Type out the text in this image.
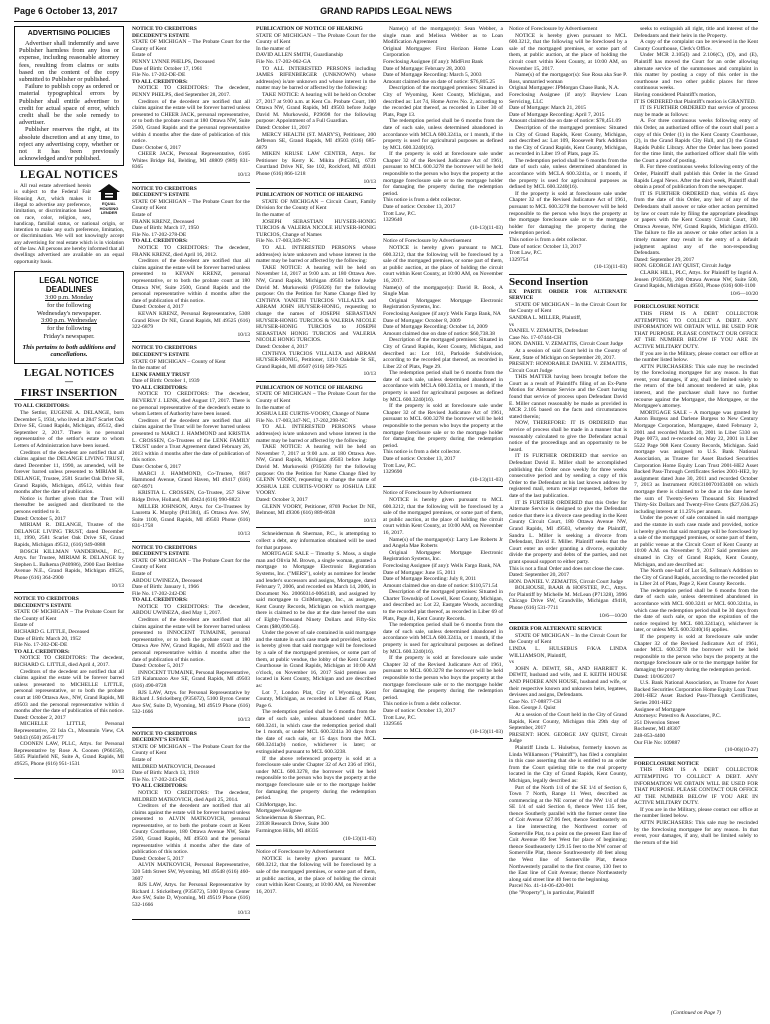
Page 6 October 13, 2017	GRAND RAPIDS LEGAL NEWS
ADVERTISING POLICIES

Advertiser shall indemnify and save Publisher harmless from any loss or expense, including reasonable attorney fees, resulting from claims or suits based on the content of the copy submitted to Publisher or published.

Failure to publish copy as ordered or material typographical errors by Publisher shall entitle advertiser to credit for actual space of error, which credit shall be the sole remedy to advertiser.

Publisher reserves the right, at its absolute discretion and at any time, to reject any advertising copy, whether or not it has been previously acknowledged and/or published.

LEGAL NOTICES
EQUAL HOUSING
LENDER

All real estate advertised herein is subject to the Federal Fair Housing Act, which makes it illegal to advertise any preference, limitation, or discrimination based on race, color, religion, sex, handicap, familial status, or national origin, or intention to make any such preference, limitation, or discrimination. We will not knowingly accept any advertising for real estate which is in violation of the law. All persons are hereby informed that all dwellings advertised are available on an equal opportunity basis.

LEGAL NOTICE DEADLINES
3:00 p.m. Monday
for the following
Wednesday's newspaper.
3:00 p.m. Wednesday
for the following
Friday's newspaper.
This pertains to both additions and cancellations.
LEGAL NOTICES
—
FIRST INSERTION

TO ALL CREDITORS:

The Settlor, EUGENE A. DELANGE, born December 5, 1934, who lived at 2847 Scarlet Oak Drive SE, Grand Rapids, Michigan, 49512, died September 2, 2017. There is no personal representative of the settlor's estate to whom Letters of Administration have been issued.

Creditors of the decedent are notified that all claims against the DELANGE LIVING TRUST, dated December 11, 1990, as amended, will be forever barred unless presented to MIRIAM R. DELANGE, Trustee, 2581 Scarlet Oak Drive SE, Grand Rapids, Michigan, 49512, within four months after the date of publication.

Notice is further given that the Trust will thereafter be assigned and distributed to the persons entitled to it.

Dated: October 5, 2017

MIRIAM R. DELANGE, Trustee of the DELANGE LIVING TRUST, dated December 11, 1990, 2581 Scarlet Oak Drive SE, Grand Rapids, Michigan 49512, (616) 949-0888

BOSCH KILLMAN VANDERWAL, P.C., Attys. for Trustee, MIRIAM R. DELANGE by Stephen L. Balkema (P40986), 2900 East Beltline Avenue N.E., Grand Rapids, Michigan 49525, Phone (616) 364-2900

10/13

NOTICE TO CREDITORS

DECEDENT'S ESTATE

STATE OF MICHIGAN – The Probate Court for the County of Kent

Estate of

RICHARD G. LITTLE, Deceased

Date of Birth: March 20, 1952

File No. 17-202-DE-DE

TO ALL CREDITORS:

NOTICE TO CREDITORS: The decedent, RICHARD G. LITTLE, died April 4, 2017.

Creditors of the decedent are notified that all claims against the estate will be forever barred unless presented to MICHELLE LITTLE, personal representative, or to both the probate court at 180 Ottawa Ave., NW, Grand Rapids, MI 49503 and the personal representative within 4 months after the date of publication of this notice.

Dated: October 2, 2017

MICHELLE LITTLE, Personal Representative, 22 Isla Ct., Mountain View, CA 94043 (650) 265-8177

COONEN LAW, PLLC, Attys. for Personal Representative by Rose A. Coonen (P66158), 5035 Plainfield NE, Suite A, Grand Rapids, MI 49525, Phone (616) 951-1531

10/13

NOTICE TO CREDITORS

DECEDENT'S ESTATE

STATE OF MICHIGAN – The Probate Court for the County of Kent

Estate of

PENNY LYNNE PHELPS, Deceased

Date of Birth: October 17, 1961

File No. 17-202-DE-DE

TO ALL CREDITORS:

NOTICE TO CREDITORS: The decedent, PENNY PHELPS, died September 28, 2017.

Creditors of the decedent are notified that all claims against the estate will be forever barred unless presented to CHEER JACK, personal representative, or to both the probate court at 180 Ottawa NW, Suite 2500, Grand Rapids and the personal representative within 4 months after the date of publication of this notice.

Date: October 6, 2017

CHEER JACK, Personal Representative, 6165 Whites Bridge Rd, Belding, MI 48809 (989) 831-8365

10/13

NOTICE TO CREDITORS

DECEDENT'S ESTATE

STATE OF MICHIGAN – The Probate Court for the County of Kent

Estate of

FRANK KRENZ, Deceased

Date of Birth: March 17, 1950

File No. 17-202-278-DE

TO ALL CREDITORS:

NOTICE TO CREDITORS: The decedent, FRANK KRENZ, died April 16, 2012.

Creditors of the decedent are notified that all claims against the estate will be forever barred unless presented to KEVAN KRENZ, personal representative, or to both the probate court at 180 Ottawa NW, Suite 2500, Grand Rapids and the personal representative within 4 months after the date of publication of this notice.

Dated: October 4, 2017

KEVAN KRENZ, Personal Representative, 5308 Grand River Dr NE, Grand Rapids, MI 49525 (616) 322-6879

10/13

NOTICE TO CREDITORS

DECEDENT'S ESTATE

STATE OF MICHIGAN – County of Kent

In the matter of

LENK FAMILY TRUST

Date of Birth: October 1, 1939

TO ALL CREDITORS:

NOTICE TO CREDITORS: The decedent, BEVERLY J. LENK, died August 17, 2017. There is no personal representative of the decedent's estate to whom Letters of Authority have been issued.

Creditors of the decedent are notified that all claims against the Trust will be forever barred unless presented to MARCI J. HAMMOND and KRISTIA L. CROSSEN, Co-Trustees of the LENK FAMILY TRUST under a Trust Agreement dated February 26, 2013 within 4 months after the date of publication of this notice.

Date: October 6, 2017

MARCI J. HAMMOND, Co-Trustee, 8617 Hammond Avenue, Grand Haven, MI 49417 (616) 607-8971

KRISTIA L. CROSSEN, Co-Trustee, 257 Silver Ridge Drive, Holland, MI 49424 (616) 990-8823

MILLER JOHNSON, Attys. for Co-Trustees by Lauretta K. Murphy (P41384), 45 Ottawa Ave. SW, Suite 1100, Grand Rapids, MI 49503 Phone (616) 831-1758

10/13

NOTICE TO CREDITORS

DECEDENT'S ESTATE

STATE OF MICHIGAN – The Probate Court for the County of Kent

Estate of

ABDOU UWINEZA, Deceased

Date of Birth: January 1, 1966

File No. 17-202-242-DE

TO ALL CREDITORS:

NOTICE TO CREDITORS: The decedent, ABDOU UWINEZA, died May 1, 2017.

Creditors of the decedent are notified that all claims against the estate will be forever barred unless presented to INNOCENT TUMAINE, personal representative, or to both the probate court at 180 Ottawa Ave NW, Grand Rapids, MI 49503 and the personal representative within 4 months after the date of publication of this notice.

Dated: October 5, 2017

INNOCENT TUMAINE, Personal Representative, 519 Kalamazoo Ave SE, Grand Rapids, MI 49503 (616) 490-8728

RJS LAW, Attys. for Personal Representative by Richard J. Stickelberg (P35672), 5100 Byron Center Ave SW, Suite D, Wyoming, MI 49519 Phone (616) 532-1666

10/13

NOTICE TO CREDITORS

DECEDENT'S ESTATE

STATE OF MICHIGAN – The Probate Court for the County of Kent

Estate of

MILDRED MATKOVICH, Deceased

Date of Birth: March 13, 1918

File No. 17-202-243-DE

TO ALL CREDITORS:

NOTICE TO CREDITORS: The decedent, MILDRED MATKOVICH, died April 25, 2014.

Creditors of the decedent are notified that all claims against the estate will be forever barred unless presented to ALVIN MATKOVICH, personal representative, or to both the probate court at Kent County Courthouse, 180 Ottawa Avenue NW, Suite 2500, Grand Rapids, MI 49503 and the personal representative within 4 months after the date of publication of this notice.

Dated: October 5, 2017

ALVIN MATKOVICH, Personal Representative, 320 54th Street SW, Wyoming, MI 49548 (616) 460-3607

RJS LAW, Attys. for Personal Representative by Richard J. Stickelberg (P35672), 5100 Byron Center Ave SW, Suite D, Wyoming, MI 49519 Phone (616) 532-1666

10/13

PUBLICATION OF NOTICE OF HEARING

STATE OF MICHIGAN – The Probate Court for the County of Kent

In the matter of

DAVID ALLEN SMITH, Guardianship

File No. 17-202-062-GA

TO ALL INTERESTED PERSONS including JAMES RIFENBERGER (UNKNOWN) whose address(es) is/are unknown and whose interest in the matter may be barred or affected by the following:

TAKE NOTICE: A hearing will be held on October 27, 2017 at 9:00 a.m. at Kent Co. Probate Court, 180 Ottawa NW, Grand Rapids, MI 49503 before Judge David M. Murkowski, P29698 for the following purpose: Appointment of a Full Guardian.

Dated: October 11, 2017

MERCY HEALTH (ST. MARY'S), Petitioner, 200 Jefferson SE, Grand Rapids, MI 49503 (616) 685-6879

MIKEN KRUSE LAW CENTER, Attys. for Petitioner by Kerry K. Mikita (P45305), 6739 Courtland Drive NE, Ste 102, Rockford, MI 49341 Phone (616) 866-1218

10/13

PUBLICATION OF NOTICE OF HEARING

STATE OF MICHIGAN – Circuit Court, Family Division for the County of Kent

In the matter of

JOSEPH SEBASTIAN HUYSER-HONIG TURCIOS & VALERIA NICOLE HUYSER-HONIG TURCIOS, Change of Names

File No. 17-003,349-NC

TO ALL INTERESTED PERSONS whose address(es) is/are unknown and whose interest in the matter may be barred or affected by the following:

TAKE NOTICE: A hearing will be held on November 14, 2017 at 9:00 a.m. at 180 Ottawa Ave. NW, Grand Rapids, Michigan 49503 before Judge David M. Murkowski (P35026) for the following purpose: On the Petition for Name Change filed by CINTHYA YANETH TURCIOS VILLALTA and ABRAM JOHN HUYSER-HONIG, requesting to change the names of JOSEPH SEBASTIAN HUYSER-HONIG TURCIOS & VALERIA NICOLE HUYSER-HONIG TURCIOS to JOSEPH SEBASTIAN HONIG TURCIOS and VALERIA NICOLE HONIG TURCIOS.

Dated: October 4, 2017

CINTHYA TURCIOS VILLALTA and ABRAM HUYSER-HONIG, Petitioner, 1310 Oakdale St SE, Grand Rapids, MI 49507 (616) 589-7625

10/13

PUBLICATION OF NOTICE OF HEARING

STATE OF MICHIGAN – The Probate Court for the County of Kent

In the matter of

JOSHUA LEE CURTIS-VOORY, Change of Name

File No. 17-003,347-NC, 17-202,298-NC

TO ALL INTERESTED PERSONS whose address(es) is/are unknown and whose interest in the matter may be barred or affected by the following:

TAKE NOTICE: A hearing will be held on November 7, 2017 at 9:00 a.m. at 180 Ottawa Ave. NW, Grand Rapids, Michigan 49503 before Judge David M. Murkowski (P35026) for the following purpose: On the Petition for Name Change filed by GLENN VOORY, requesting to change the name of JOSHUA LEE CURTIS-VOORY to JOSHUA LEE VOORY.

Dated: October 3, 2017

GLENN VOORY, Petitioner, 8769 Pocket Dr NE, Belmont, MI 49306 (616) 889-8638

10/13

Schneiderman & Sherman, P.C., is attempting to collect a debt, any information obtained will be used for that purpose.

MORTGAGE SALE – Timothy S. Moss, a single man and Olivia M. Brown, a single woman, granted a mortgage to Mortgage Electronic Registration Systems, Inc. ("MERS"), solely as nominee for lender and lender's successors and assigns, Mortgagee, dated February 7, 2006, and recorded on March 14, 2006, in Document No. 20060314-0064148, and assigned by said mortgagee to CitiMortgage, Inc., as assignee, Kent County Records, Michigan on which mortgage there is claimed to be due at the date hereof the sum of Eighty-Thousand Ninety Dollars and Fifty-Six Cents ($80,090.56).

Under the power of sale contained in said mortgage and the statute in such case made and provided, notice is hereby given that said mortgage will be foreclosed by a sale of the mortgaged premises, or some part of them, at public vendue, the lobby of the Kent County Courthouse in Grand Rapids, Michigan at 10:00 AM o'clock, on November 16, 2017 Said premises are located in Kent County, Michigan and are described as:

Lot 7, London Plat, City of Wyoming, Kent County, Michigan, as recorded in Liber 45 of Plats, Page 6.

The redemption period shall be 6 months from the date of such sale, unless abandoned under MCL 600.3241, in which case the redemption period shall be 1 month, or under MCL 600.3241a 30 days from the date of such sale, or 15 days from the MCL 600.3241a(b) notice, whichever is later; or extinguished pursuant to MCL 600.3238.

If the above referenced property is sold at a foreclosure sale under Chapter 32 of Act 236 of 1961, under MCL 600.3278, the borrower will be held responsible to the person who buys the property at the mortgage foreclosure sale or to the mortgage holder for damaging the property during the redemption period.

CitiMortgage, Inc.

Mortgagee/Assignee

Schneiderman & Sherman, P.C.

23938 Research Drive, Suite 300

Farmington Hills, MI 48335

(10-13)(11-03)

Notice of Foreclosure by Advertisement

NOTICE is hereby given pursuant to MCL 600.3212, that the following will be foreclosed by a sale of the mortgaged premises, or some part of them, at public auction, at the place of holding the circuit court within Kent County, at 10:00 AM, on November 16, 2017.

Name(s) of the mortgagor(s): Sean Webber, a single man and Melissa Webber as to Loan Modification Agreement

Original Mortgagee: First Horizon Home Loan Corporation

Foreclosing Assignee (if any): MidFirst Bank

Date of Mortgage: February 28, 2003

Date of Mortgage Recording: March 5, 2003

Amount claimed due on date of notice: $76,805.25

Description of the mortgaged premises: Situated in City of Wyoming, Kent County, Michigan, and described as: Lot 74, Home Acres No. 2, according to the recorded plat thereof, as recorded in Liber 30 of Plats, Page 13.

The redemption period shall be 6 months from the date of such sale, unless determined abandoned in accordance with MCLA 600.3241a, or 1 month, if the property is used for agricultural purposes as defined by MCL 600.3240(16).

If the property is sold at foreclosure sale under Chapter 32 of the Revised Judicature Act of 1961, pursuant to MCL 600.3278 the borrower will be held responsible to the person who buys the property at the mortgage foreclosure sale or to the mortgage holder for damaging the property during the redemption period.

This notice is from a debt collector.

Date of notice: October 13, 2017

Trott Law, P.C.

1329640

(10-13)(11-03)

Notice of Foreclosure by Advertisement

NOTICE is hereby given pursuant to MCL 600.3212, that the following will be foreclosed by a sale of the mortgaged premises, or some part of them, at public auction, at the place of holding the circuit court within Kent County, at 10:00 AM, on November 16, 2017.

Name(s) of the mortgagor(s): David R. Book, A Single Man

Original Mortgagee: Mortgage Electronic Registration Systems, Inc.

Foreclosing Assignee (if any): Wells Fargo Bank, NA

Date of Mortgage: October 8, 2009

Date of Mortgage Recording: October 14, 2009

Amount claimed due on date of notice: $60,738.38

Description of the mortgaged premises: Situated in City of Grand Rapids, Kent County, Michigan, and described as: Lot 161, Parkside Subdivision, according to the recorded plat thereof, as recorded in Liber 22 of Plats, Page 29.

The redemption period shall be 6 months from the date of such sale, unless determined abandoned in accordance with MCLA 600.3241a, or 1 month, if the property is used for agricultural purposes as defined by MCL 600.3240(16).

If the property is sold at foreclosure sale under Chapter 32 of the Revised Judicature Act of 1961, pursuant to MCL 600.3278 the borrower will be held responsible to the person who buys the property at the mortgage foreclosure sale or to the mortgage holder for damaging the property during the redemption period.

This notice is from a debt collector.

Date of notice: October 13, 2017

Trott Law, P.C.

1329690

(10-13)(11-03)

Notice of Foreclosure by Advertisement

NOTICE is hereby given pursuant to MCL 600.3212, that the following will be foreclosed by a sale of the mortgaged premises, or some part of them, at public auction, at the place of holding the circuit court within Kent County, at 10:00 AM, on November 16, 2017.

Name(s) of the mortgagor(s): Larry Lee Roberts Jr and Angela Mae Roberts

Original Mortgagee: Mortgage Electronic Registration Systems, Inc.

Foreclosing Assignee (if any): Wells Fargo Bank, NA

Date of Mortgage: June 15, 2011

Date of Mortgage Recording: July 8, 2011

Amount claimed due on date of notice: $110,571.54

Description of the mortgaged premises: Situated in Charter Township of Lowell, Kent County, Michigan, and described as: Lot 22, Eastgate Woods, according to the recorded plat thereof, as recorded in Liber 69 of Plats, Page 41, Kent County Records.

The redemption period shall be 6 months from the date of such sale, unless determined abandoned in accordance with MCLA 600.3241a, or 1 month, if the property is used for agricultural purposes as defined by MCL 600.3240(16).

If the property is sold at foreclosure sale under Chapter 32 of the Revised Judicature Act of 1961, pursuant to MCL 600.3278 the borrower will be held responsible to the person who buys the property at the mortgage foreclosure sale or to the mortgage holder for damaging the property during the redemption period.

This notice is from a debt collector.

Date of notice: October 13, 2017

Trott Law, P.C.

1329565

(10-13)(11-03)

Notice of Foreclosure by Advertisement

NOTICE is hereby given pursuant to MCL 600.3212, that the following will be foreclosed by a sale of the mortgaged premises, or some part of them, at public auction, at the place of holding the circuit court within Kent County, at 10:00 AM, on November 15, 2017.

Name(s) of the mortgagor(s): Sue Rosa aka Sue P. Ross, unmarried woman

Original Mortgagee: JPMorgan Chase Bank, N.A.

Foreclosing Assignee (if any): Bayview Loan Servicing, LLC

Date of Mortgage: March 21, 2015

Date of Mortgage Recording: April 7, 2015

Amount claimed due on date of notice: $78,451.09

Description of the mortgaged premises: Situated in City of Grand Rapids, Kent County, Michigan, and described as: Lot 109, Roosevelt Park Addition to the City of Grand Rapids, Kent County, Michigan, as recorded in Liber 19 of Plats, page 35.

The redemption period shall be 6 months from the date of such sale, unless determined abandoned in accordance with MCLA 600.3241a, or 1 month, if the property is used for agricultural purposes as defined by MCL 600.3240(16).

If the property is sold at foreclosure sale under Chapter 32 of the Revised Judicature Act of 1961, pursuant to MCL 600.3278 the borrower will be held responsible to the person who buys the property at the mortgage foreclosure sale or to the mortgage holder for damaging the property during the redemption period.

This notice is from a debt collector.

Date of notice: October 13, 2017

Trott Law, P.C.

1329754

(10-13)(11-03)
Second Insertion

EX PARTE ORDER FOR ALTERNATE SERVICE

STATE OF MICHIGAN – In the Circuit Court for the County of Kent

SANDRA L. MILLER, Plaintiff,

vs

DANIEL V. ZEMAITIS, Defendant

Case No. 17-07444-CH

HON. DANIEL V. ZEMAITIS, Circuit Court Judge

At a session of said Court held in the County of Kent, State of Michigan on September 20, 2017.

PRESENT: HONORABLE DANIEL V. ZEMAITIS, Circuit Court Judge

THIS MATTER having been brought before the Court as a result of Plaintiff's filing of an Ex-Parte Motion for Alternate Service and the Court having found that service of process upon Defendant David E. Miller cannot reasonably be made as provided in MCR 2.105 based on the facts and circumstances stated therein;

NOW, THEREFORE: IT IS ORDERED that service of process shall be made in a manner that is reasonably calculated to give the Defendant actual notice of the proceedings and an opportunity to be heard.

IT IS FURTHER ORDERED that service on Defendant David E. Miller shall be accomplished publishing this Order once weekly for three weeks consecutive period and by sending a copy of this Order to the Defendant at his last known address by registered mail, return receipt requested, before the date of the last publication.

IT IS FURTHER ORDERED that this Order for Alternate Service is designed to give the Defendant notice that there is a divorce case pending in the Kent County Circuit Court, 180 Ottawa Avenue NW, Grand Rapids, MI 49503, whereby the Plaintiff, Sandra L. Miller is seeking a divorce from Defendant, David E. Miller. Plaintiff seeks that the Court enter an order granting a divorce, equitably divide the property and debts of the parties, and not grant spousal support to either party.

This is not a final Order and does not close the case.

Dated: September 20, 2017

HON. DANIEL V. ZEMAITIS, Circuit Court Judge

BOLHOUSE, BAAR & HOFSTEE, P.C., Attys. for Plaintiff by Michelle M. McLean (P71328), 3996 Chicago Drive SW, Grandville, Michigan 49418, Phone (616) 531-7711

10/6—10/20

ORDER FOR ALTERNATE SERVICE

STATE OF MICHIGAN – In the Circuit Court for the County of Kent

LINDA L. HULSEBUS F/K/A LINDA WILLIAMSON, Plaintiff,

vs

JOHN A. DEWIT, SR., AND HARRIET K. DEWIT, husband and wife, and E. KEITH HOUSE AND PHOEBE ANN HOUSE, husband and wife, or their respective known and unknown heirs, legatees, devisees and assigns, Defendants.

Case No. 17-08877-CH

Hon. George J. Quist

At a session of the Court held in the City of Grand Rapids, Kent County, Michigan this 29th day of September, 2017

PRESENT: HON. GEORGE JAY QUIST, Circuit Judge

Plaintiff Linda L. Hulsebus, formerly known as Linda Williamson ("Plaintiff"), has filed a complaint in this case asserting that she is entitled to an order from the Court quieting title to the real property located in the City of Grand Rapids, Kent County, Michigan, legally described as:

Part of the North 1/4 of the SE 1/4 of Section 6, Town 7 North, Range 11 West, described as commencing at the NE corner of the NW 1/4 of the SE 1/4 of said Section 6, thence West 135 feet, thence Southerly parallel with the former center line of Coit Avenue 627.06 feet, thence Southeasterly on a line intersecting the Northwest corner of Somerville Plat, to a point on the present East line of Coit Avenue 89 feet West for place of beginning; thence Southeasterly 129.15 feet to the NW corner of Somerville Plat, thence Southwesterly 40 feet along the West line of Somerville Plat, thence Northwesterly parallel to the first course, 130 feet to the East line of Coit Avenue; thence Northeasterly along said street line 40 feet to the beginning.

Parcel No. 41-14-06-420-001

(the "Property"), in particular, Plaintiff

seeks to extinguish all right, title and interest of the Defendants and their heirs in the Property.

A copy of the complaint can be reviewed in the Kent County Courthouse, Clerk's Office.

Under MCR 2.105(I) and 2.106(C), (D), and (E), Plaintiff has moved the Court for an order allowing alternate service of the summonses and complaint in this matter by posting a copy of this order in the courthouse and two other public places for three continuous weeks.

Having considered Plaintiff's motion,

IT IS ORDERED that Plaintiff's motion is GRANTED.

IT IS FURTHER ORDERED that service of process may be made as follows:

A. For three continuous weeks following entry of this Order, an authorized office of the court shall post a copy of this Order (1) in the Kent County Courthouse, (2), in the Grand Rapids City Hall, and (3) the Grand Rapids Public Library. After the Order has been posted for the time limit, the authorized officer shall file with the Court a proof of posting.

B. For three continuous weeks following entry of the Order, Plaintiff shall publish this Order in the Grand Rapids Legal News. After the third week, Plaintiff shall obtain a proof of publication from the newspaper.

IT IS FURTHER ORDERED that, within 45 days from the date of this Order, any heir of any of the Defendants shall answer or take other action permitted by law or court rule by filing the appropriate pleadings or papers with the Kent County Circuit Court, 180 Ottawa Avenue, NW, Grand Rapids, Michigan 49503. The failure to file an answer or take other action in a timely manner may result in the entry of a default judgment against any of the non-responding Defendants.

Dated: September 29, 2017

HON. GEORGE JAY QUIST, Circuit Judge

CLARK HILL, PLC, Attys. for Plaintiff by Ingrid A. Jensen (P35950), 200 Ottawa Avenue NW, Suite 500, Grand Rapids, Michigan 49503, Phone (616) 608-1100

10/6—10/20

FORECLOSURE NOTICE

THIS FIRM IS A DEBT COLLECTOR ATTEMPTING TO COLLECT A DEBT. ANY INFORMATION WE OBTAIN WILL BE USED FOR THAT PURPOSE. PLEASE CONTACT OUR OFFICE AT THE NUMBER BELOW IF YOU ARE IN ACTIVE MILITARY DUTY.

If you are in the Military, please contact our office at the number listed below.

ATTN PURCHASERS: This sale may be rescinded by the foreclosing mortgagee for any reason. In that event, your damages, if any, shall be limited solely to the return of the bid amount tendered at sale, plus interest, and the purchaser shall have no further recourse against the Mortgagor, the Mortgagee, or the Mortgagee's attorney.

MORTGAGE SALE – A mortgage was granted by Aaron Burgess and Darlene Burgess to New Century Mortgage Corporation, Mortgagee, dated February 2, 2001 and recorded March 20, 2001 in Liber 5330 on Page 0073, and re-recorded on May 22, 2001 in Liber 5522 Page 908 Kent County Records, Michigan. Said mortgage was assigned to U.S. Bank National Association, as Trustee for Asset Backed Securities Corporation Home Equity Loan Trust 2001-HE2 Asset Backed Pass-Through Certificates Series 2001-HE2, by assignment dated June 30, 2011 and recorded October 7, 2013 as Instrument #201310070103408 on which mortgage there is claimed to be due at the date hereof the sum of Twenty-Seven Thousand Six Hundred Thirty-Six Dollars and Twenty-Five Cents ($27,636.25) including interest at 11.25% per annum.

Under the power of sale contained in said mortgage and the statute in such case made and provided, notice is hereby given that said mortgage will be foreclosed by a sale of the mortgaged premises, or some part of them, at public venue at the Circuit Court of Kent County at 10:00 A.M. on November 9, 2017 Said premises are situated in City of Grand Rapids, Kent County, Michigan, and are described as:

The North one-half of Lot 56, Sollman's Addition to the City of Grand Rapids, according to the recorded plat in Liber 24 of Plats, Page 2, Kent County Records.

The redemption period shall be 6 months from the date of such sale, unless determined abandoned in accordance with MCL 600.3241 or MCL 600.3241a, in which case the redemption period shall be 30 days from the date of such sale, or upon the expiration of the notice required by MCL 600.3241a(c), whichever is later, or unless MCL 600.3240(16) applies.

If the property is sold at foreclosure sale under Chapter 32 of the Revised Judicature Act of 1961, under MCL 600.3278 the borrower will be held responsible to the person who buys the property at the mortgage foreclosure sale or to the mortgage holder for damaging the property during the redemption period.

Dated: 10/06/2017

U.S. Bank National Association, as Trustee for Asset Backed Securities Corporation Home Equity Loan Trust 2001-HE2 Asset Backed Pass-Through Certificates, Series 2001-HE2

Assignee of Mortgagee

Attorneys: Potestivo & Associates, P.C.

251 Diversion Street

Rochester, MI 48307

248-853-4400

Our File No: 109887

(10-06)(10-27)

FORECLOSURE NOTICE

THIS FIRM IS A DEBT COLLECTOR ATTEMPTING TO COLLECT A DEBT. ANY INFORMATION WE OBTAIN WILL BE USED FOR THAT PURPOSE. PLEASE CONTACT OUR OFFICE AT THE NUMBER BELOW IF YOU ARE IN ACTIVE MILITARY DUTY.

If you are in the Military, please contact our office at the number listed below.

ATTN PURCHASERS: This sale may be rescinded by the foreclosing mortgagee for any reason. In that event, your damages, if any, shall be limited solely to the return of the bid

(Continued on Page 7)
